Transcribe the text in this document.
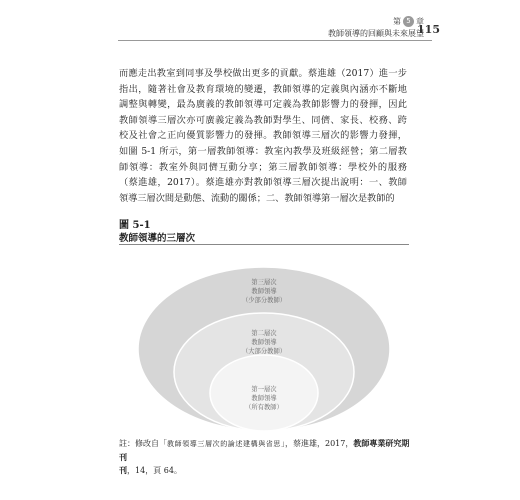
第 5 章
教師領導的回顧與未來展望
115
而應走出教室到同事及學校做出更多的貢獻。蔡進雄（2017）進一步
指出，隨著社會及教育環境的變遷，教師領導的定義與內涵亦不斷地
調整與轉變，最為廣義的教師領導可定義為教師影響力的發揮，因此
教師領導三層次亦可廣義定義為教師對學生、同儕、家長、校務、跨
校及社會之正向優質影響力的發揮。教師領導三層次的影響力發揮，
如圖 5-1 所示，第一層教師領導：教室內教學及班級經營；第二層教
師領導：教室外與同儕互動分享；第三層教師領導：學校外的服務
（蔡進雄，2017）。蔡進雄亦對教師領導三層次提出說明：一、教師
領導三層次間是動態、流動的關係；二、教師領導第一層次是教師的
圖 5-1
教師領導的三層次
第三層次
教師領導
（少部分教師）
第二層次
教師領導
（大部分教師）
第一層次
教師領導
（所有教師）
註：修改自「教師領導三層次的論述建構與省思」，蔡進雄，2017，教師專業研究期刊
刊，14，頁 64。
